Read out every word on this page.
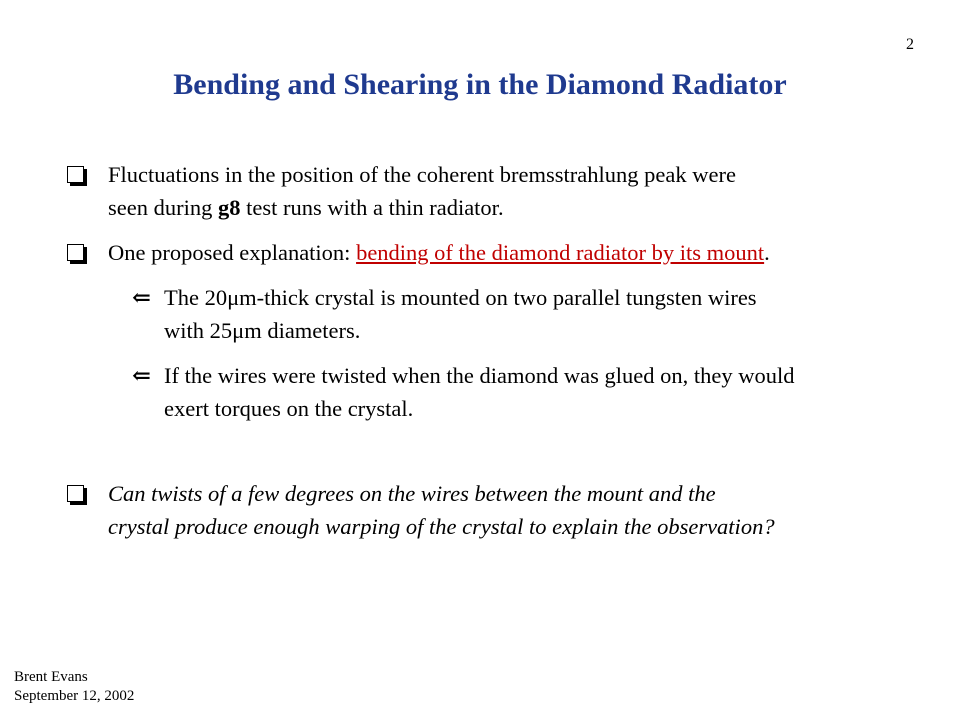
2
Bending and Shearing in the Diamond Radiator
Fluctuations in the position of the coherent bremsstrahlung peak were
seen during g8 test runs with a thin radiator.
One proposed explanation: bending of the diamond radiator by its mount.
⇐ The 20μm-thick crystal is mounted on two parallel tungsten wires
with 25μm diameters.
⇐ If the wires were twisted when the diamond was glued on, they would
exert torques on the crystal.
Can twists of a few degrees on the wires between the mount and the
crystal produce enough warping of the crystal to explain the observation?
Brent Evans
September 12, 2002
